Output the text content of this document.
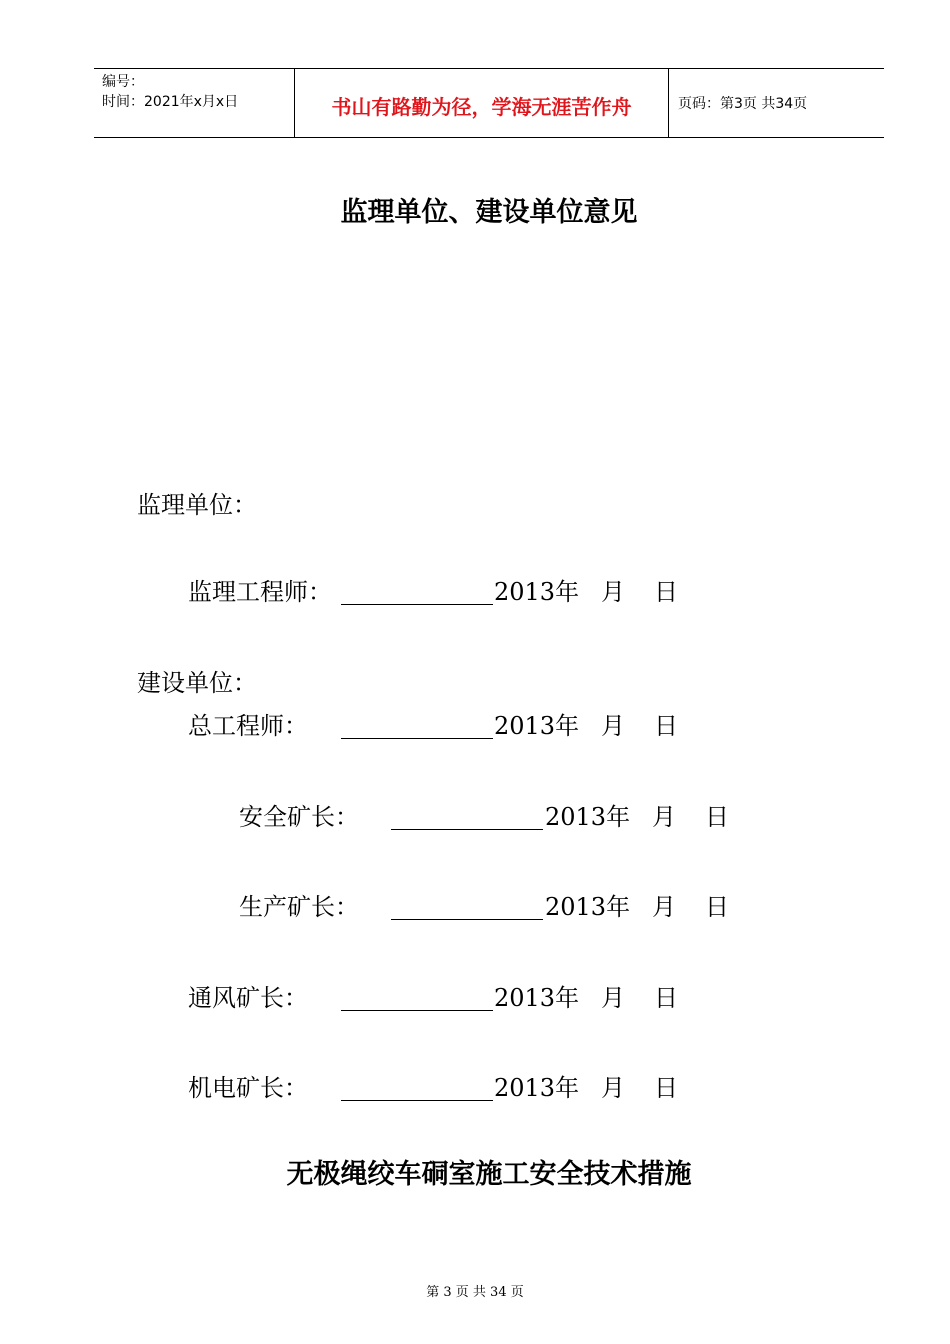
编号：
时间：2021年x月x日	书山有路勤为径，学海无涯苦作舟	页码：第3页 共34页
监理单位、建设单位意见
监理单位：
监理工程师：	2013年 月 日
建设单位：
总工程师：	2013年 月 日
安全矿长：	2013年 月 日
生产矿长：	2013年 月 日
通风矿长：	2013年 月 日
机电矿长：	2013年 月 日
无极绳绞车硐室施工安全技术措施
第 3 页 共 34 页
